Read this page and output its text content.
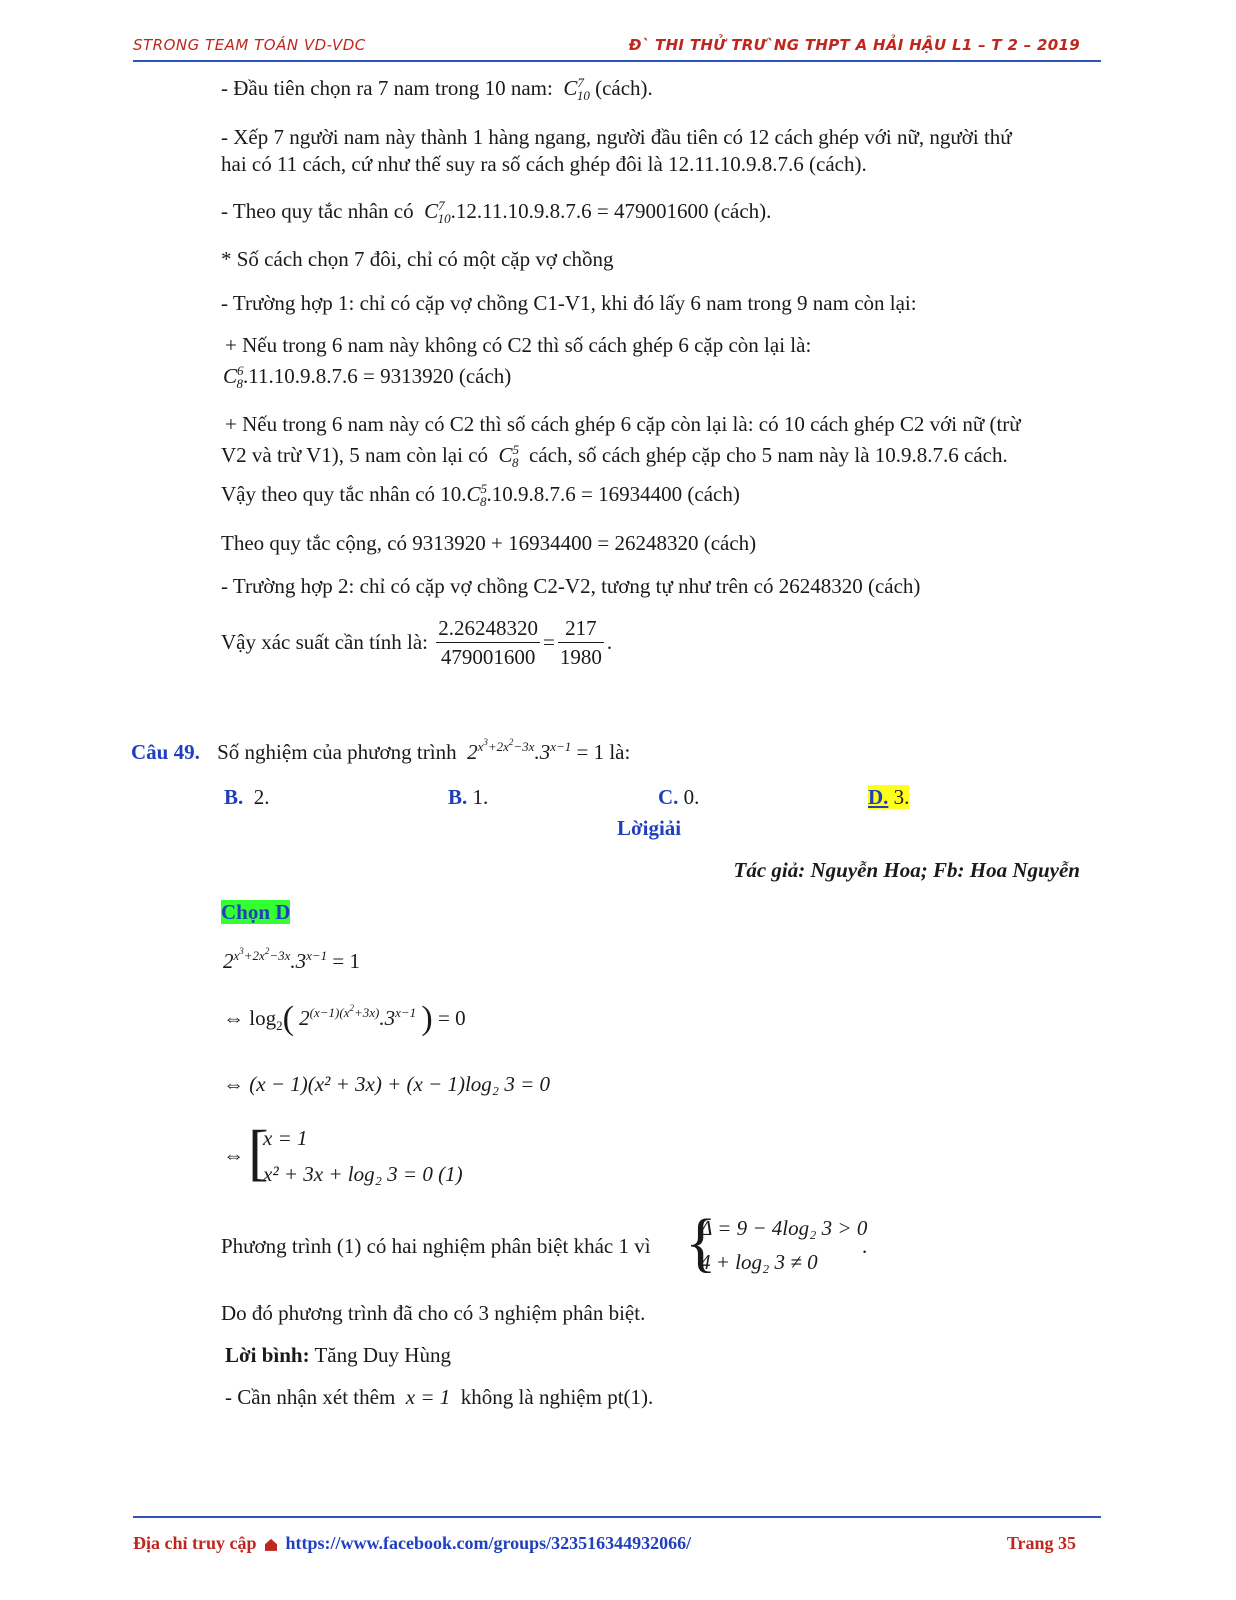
STRONG TEAM TOÁN VD-VDC	Đ` THI THỬ TRƯ`NG THPT A HẢI HẬU L1 – T 2 – 2019
- Đầu tiên chọn ra 7 nam trong 10 nam:  $C^7_{10}$ (cách).
- Xếp 7 người nam này thành 1 hàng ngang, người đầu tiên có 12 cách ghép với nữ, người thứ
hai có 11 cách, cứ như thế suy ra số cách ghép đôi là 12.11.10.9.8.7.6 (cách).
- Theo quy tắc nhân có  $C^7_{10}.12.11.10.9.8.7.6 = 479001600$ (cách).
* Số cách chọn 7 đôi, chỉ có một cặp vợ chồng
- Trường hợp 1: chỉ có cặp vợ chồng C1-V1, khi đó lấy 6 nam trong 9 nam còn lại:
+ Nếu trong 6 nam này không có C2 thì số cách ghép 6 cặp còn lại là:
$C^6_8.11.10.9.8.7.6 = 9313920$ (cách)
+ Nếu trong 6 nam này có C2 thì số cách ghép 6 cặp còn lại là: có 10 cách ghép C2 với nữ (trừ
V2 và trừ V1), 5 nam còn lại có  $C^5_8$ cách, số cách ghép cặp cho 5 nam này là 10.9.8.7.6 cách.
Vậy theo quy tắc nhân có $10.C^5_8.10.9.8.7.6 = 16934400$ (cách)
Theo quy tắc cộng, có 9313920 + 16934400 = 26248320 (cách)
- Trường hợp 2: chỉ có cặp vợ chồng C2-V2, tương tự như trên có 26248320 (cách)
Vậy xác suất cần tính là: $\frac{2.26248320}{479001600} = \frac{217}{1980}$ .
Câu 49. Số nghiệm của phương trình  $2^{x^3+2x^2-3x}.3^{x-1} = 1$ là:
B. 2.	B. 1.	C. 0.	D. 3.
Lờigiải
Tác giả: Nguyễn Hoa; Fb: Hoa Nguyễn
Chọn D
$2^{x^3+2x^2-3x}.3^{x-1} = 1$
⇔ $\log_2$( $2^{(x-1)(x^2+3x)}.3^{x-1}$ ) = 0
⇔ (x − 1)(x² + 3x) + (x − 1)log₂ 3 = 0
⇔ [
x = 1
x² + 3x + log₂ 3 = 0 (1)
Phương trình (1) có hai nghiệm phân biệt khác 1 vì {
Δ = 9 − 4log₂ 3 > 0
4 + log₂ 3 ≠ 0
.
Do đó phương trình đã cho có 3 nghiệm phân biệt.
Lời bình: Tăng Duy Hùng
- Cần nhận xét thêm  x = 1  không là nghiệm pt(1).
Địa chỉ truy cập https://www.facebook.com/groups/323516344932066/	Trang 35
